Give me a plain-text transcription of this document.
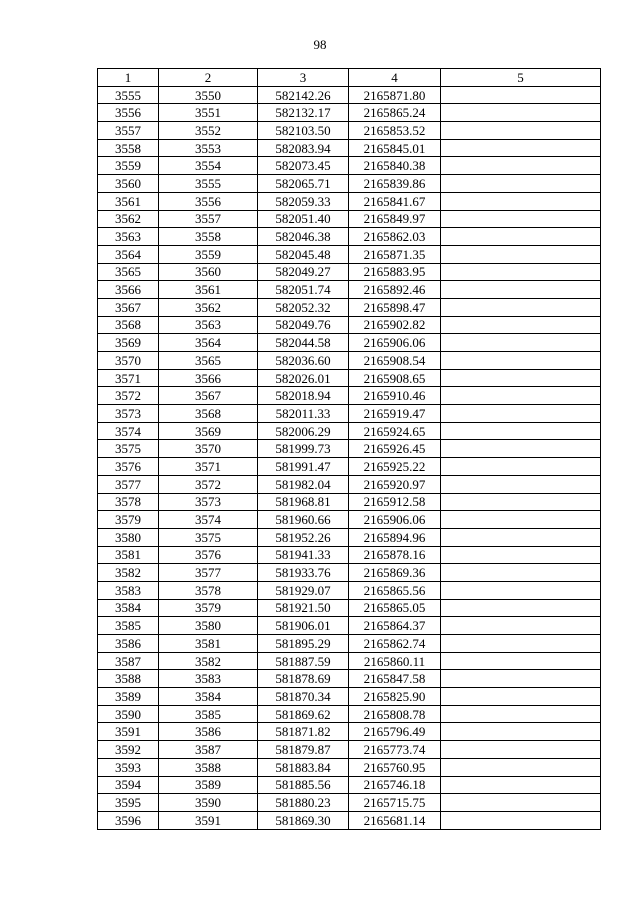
98
1	2	3	4	5
3555	3550	582142.26	2165871.80	
3556	3551	582132.17	2165865.24	
3557	3552	582103.50	2165853.52	
3558	3553	582083.94	2165845.01	
3559	3554	582073.45	2165840.38	
3560	3555	582065.71	2165839.86	
3561	3556	582059.33	2165841.67	
3562	3557	582051.40	2165849.97	
3563	3558	582046.38	2165862.03	
3564	3559	582045.48	2165871.35	
3565	3560	582049.27	2165883.95	
3566	3561	582051.74	2165892.46	
3567	3562	582052.32	2165898.47	
3568	3563	582049.76	2165902.82	
3569	3564	582044.58	2165906.06	
3570	3565	582036.60	2165908.54	
3571	3566	582026.01	2165908.65	
3572	3567	582018.94	2165910.46	
3573	3568	582011.33	2165919.47	
3574	3569	582006.29	2165924.65	
3575	3570	581999.73	2165926.45	
3576	3571	581991.47	2165925.22	
3577	3572	581982.04	2165920.97	
3578	3573	581968.81	2165912.58	
3579	3574	581960.66	2165906.06	
3580	3575	581952.26	2165894.96	
3581	3576	581941.33	2165878.16	
3582	3577	581933.76	2165869.36	
3583	3578	581929.07	2165865.56	
3584	3579	581921.50	2165865.05	
3585	3580	581906.01	2165864.37	
3586	3581	581895.29	2165862.74	
3587	3582	581887.59	2165860.11	
3588	3583	581878.69	2165847.58	
3589	3584	581870.34	2165825.90	
3590	3585	581869.62	2165808.78	
3591	3586	581871.82	2165796.49	
3592	3587	581879.87	2165773.74	
3593	3588	581883.84	2165760.95	
3594	3589	581885.56	2165746.18	
3595	3590	581880.23	2165715.75	
3596	3591	581869.30	2165681.14	
